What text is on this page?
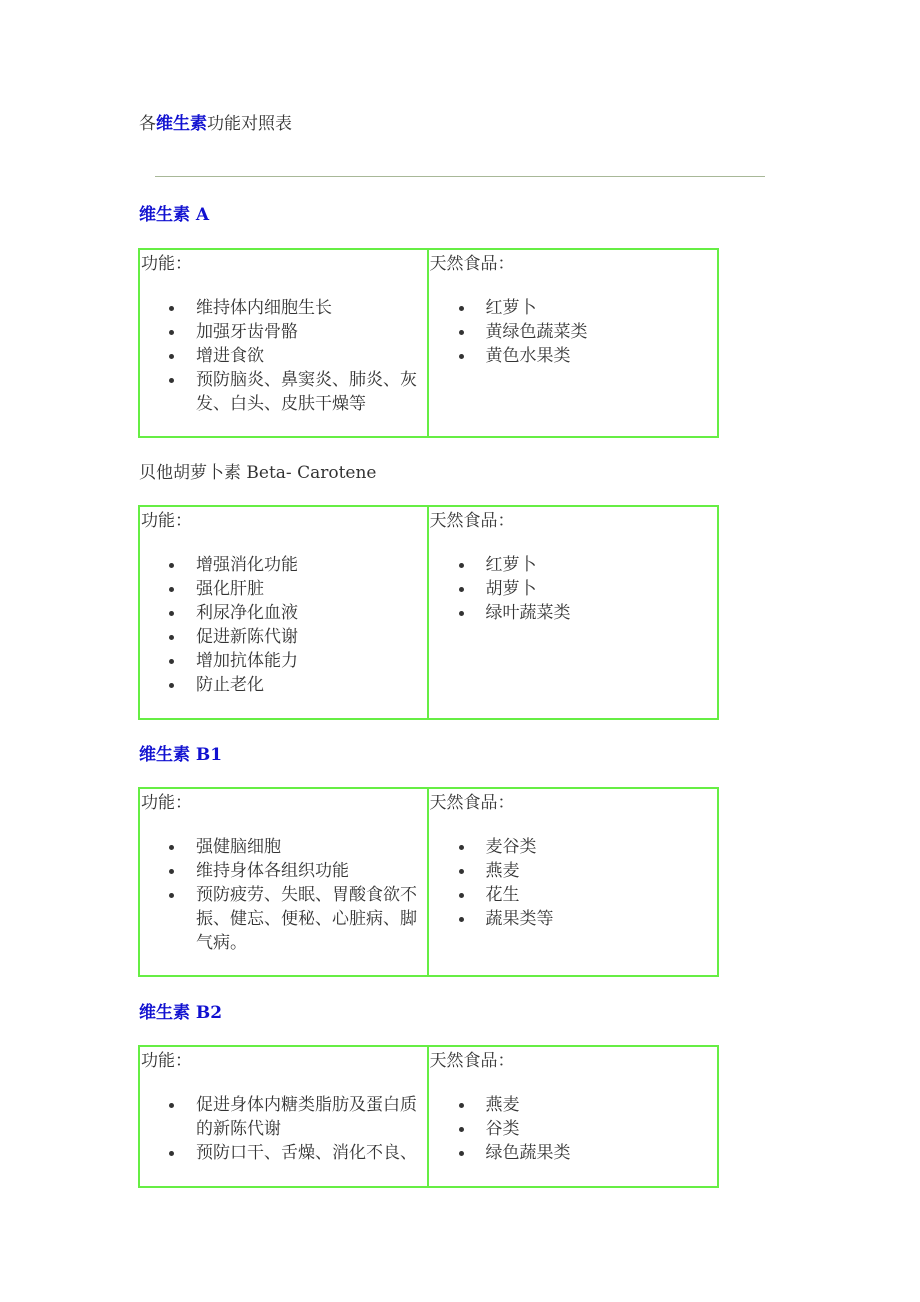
各维生素功能对照表
维生素 A
功能：
维持体内细胞生长
加强牙齿骨骼
增进食欲
预防脑炎、鼻窦炎、肺炎、灰发、白头、皮肤干燥等
天然食品：
红萝卜
黄绿色蔬菜类
黄色水果类
贝他胡萝卜素 Beta- Carotene
功能：
增强消化功能
强化肝脏
利尿净化血液
促进新陈代谢
增加抗体能力
防止老化
天然食品：
红萝卜
胡萝卜
绿叶蔬菜类
维生素 B1
功能：
强健脑细胞
维持身体各组织功能
预防疲劳、失眠、胃酸食欲不振、健忘、便秘、心脏病、脚气病。
天然食品：
麦谷类
燕麦
花生
蔬果类等
维生素 B2
功能：
促进身体内糖类脂肪及蛋白质的新陈代谢
预防口干、舌燥、消化不良、
天然食品：
燕麦
谷类
绿色蔬果类
